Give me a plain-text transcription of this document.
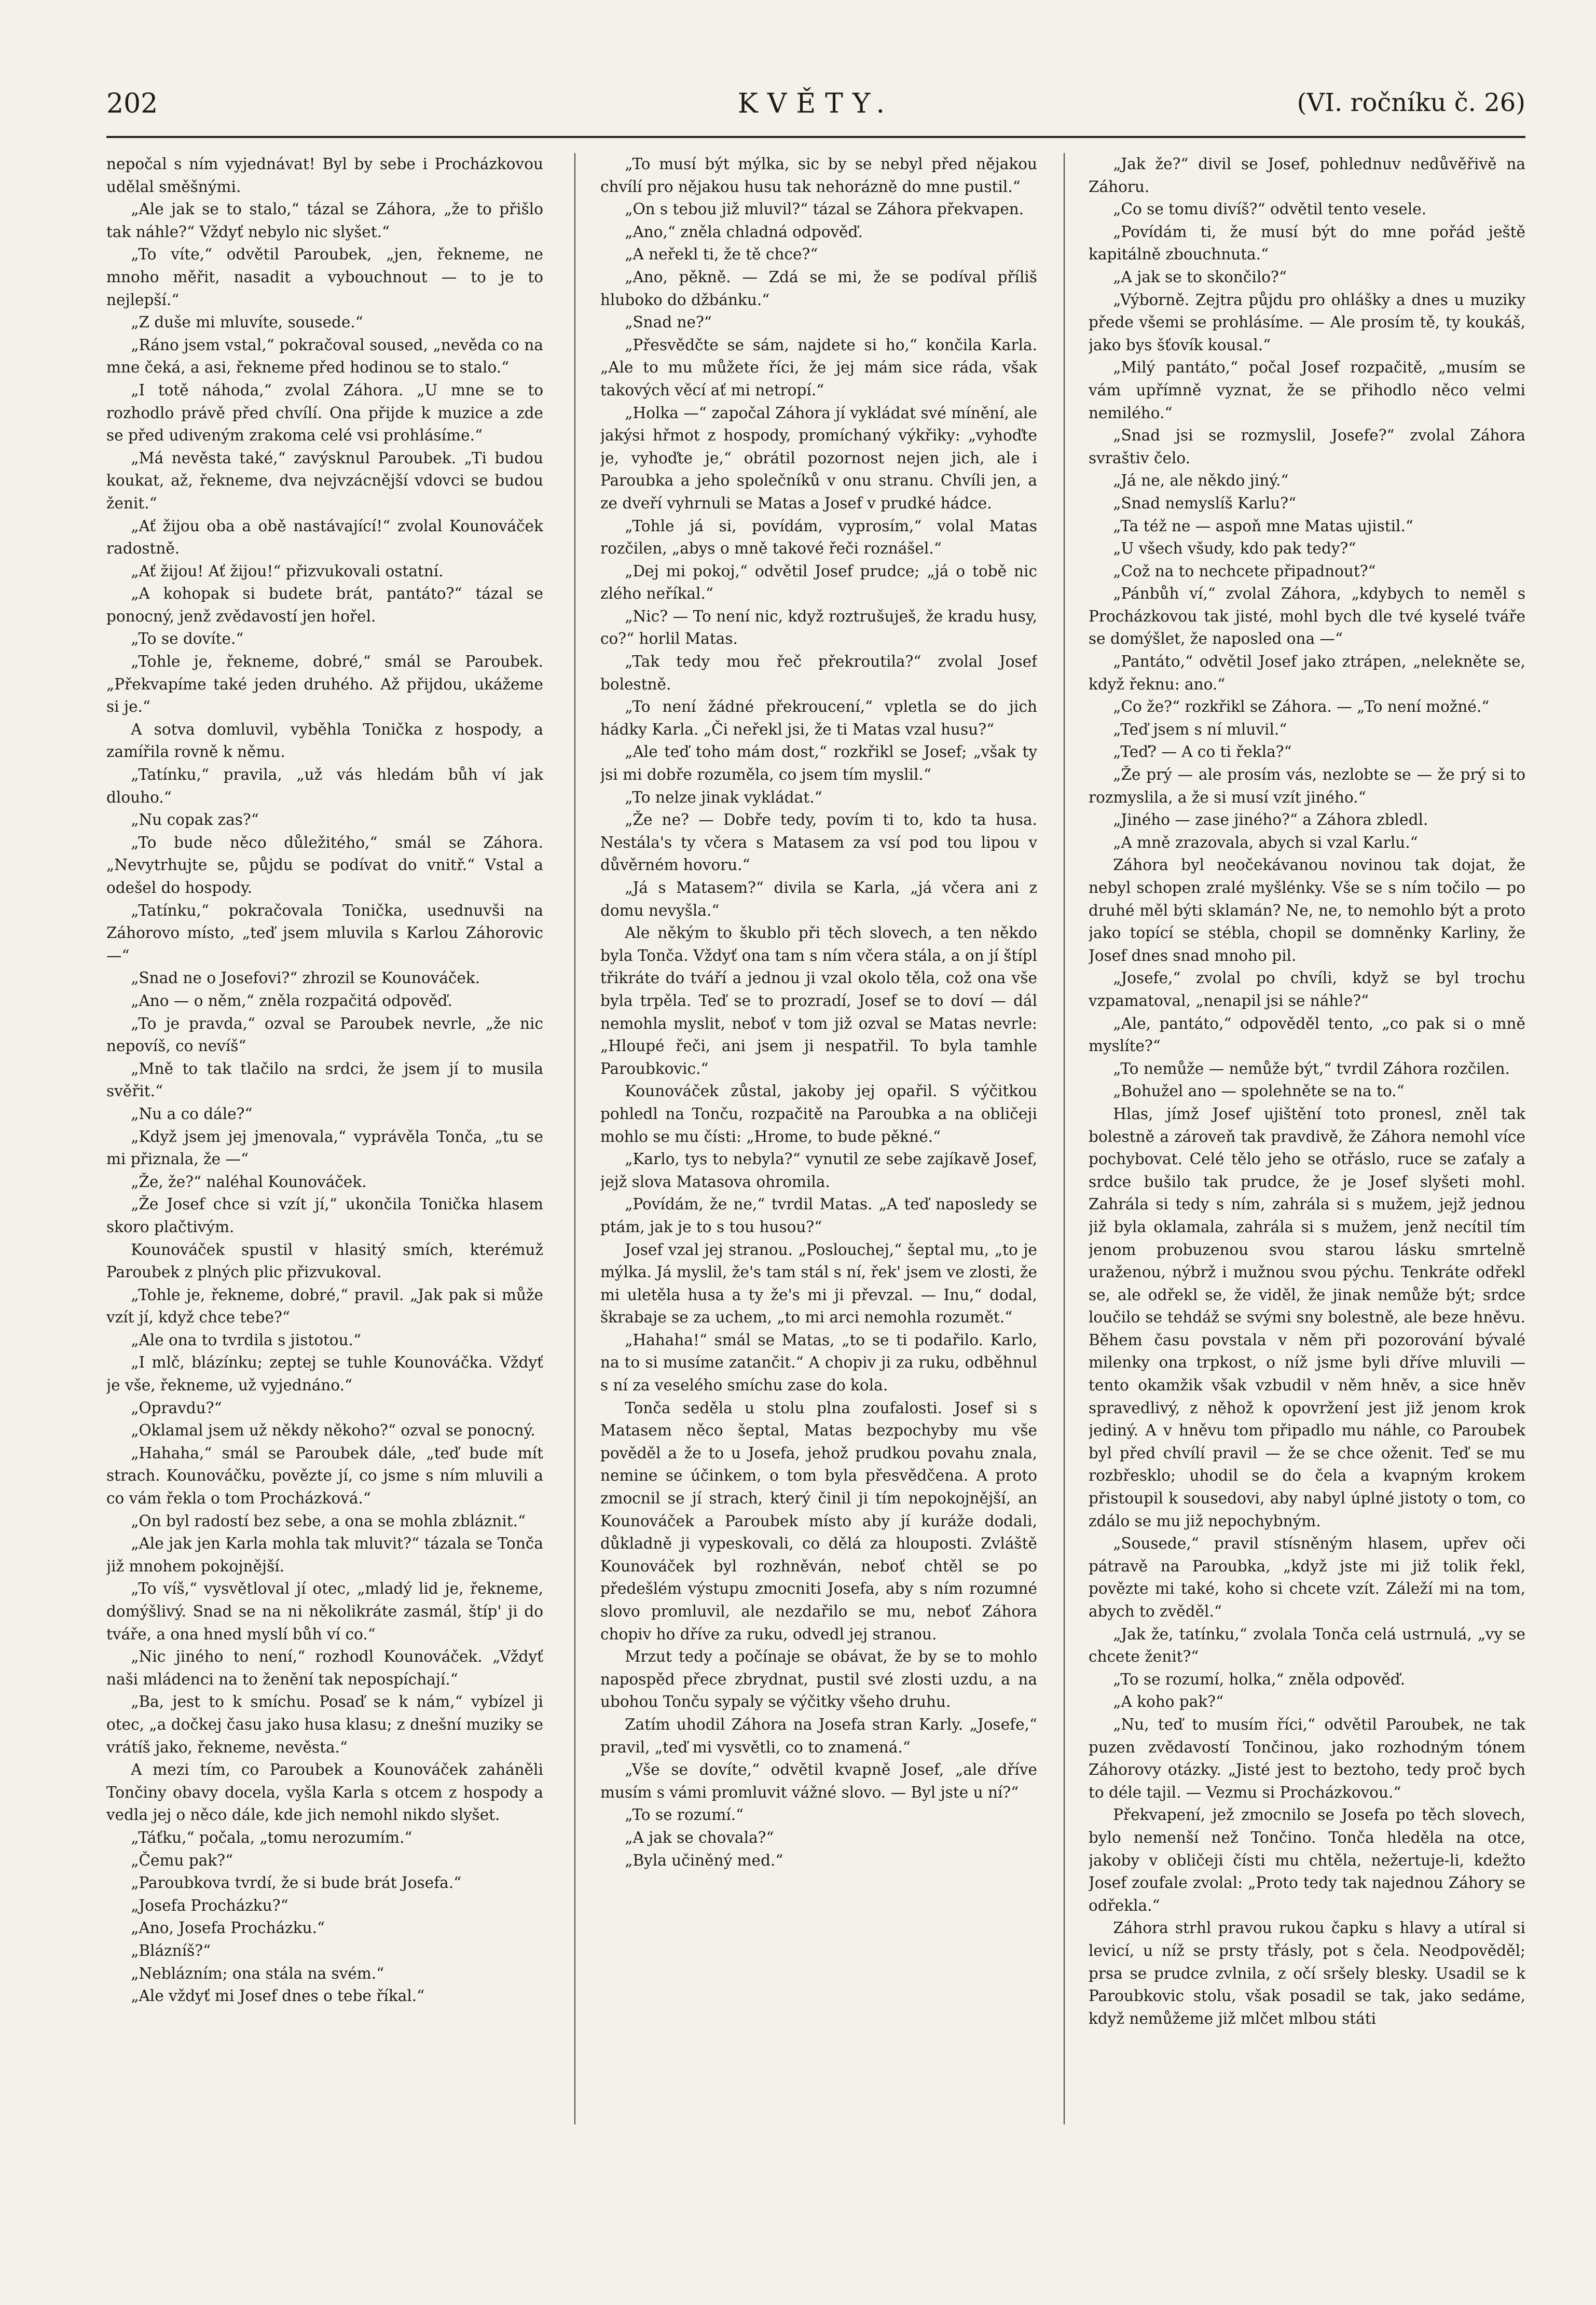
202	KVĚTY.	(VI. ročníku č. 26)

nepočal s ním vyjednávat! Byl by sebe i Procházkovou udělal směšnými.

„Ale jak se to stalo,“ tázal se Záhora, „že to přišlo tak náhle?“ Vždyť nebylo nic slyšet.“

„To víte,“ odvětil Paroubek, „jen, řekneme, ne mnoho měřit, nasadit a vybouchnout — to je to nejlepší.“

„Z duše mi mluvíte, sousede.“

„Ráno jsem vstal,“ pokračoval soused, „nevěda co na mne čeká, a asi, řekneme před hodinou se to stalo.“

„I totě náhoda,“ zvolal Záhora. „U mne se to rozhodlo právě před chvílí. Ona přijde k muzice a zde se před udiveným zrakoma celé vsi prohlásíme.“

„Má nevěsta také,“ zavýsknul Paroubek. „Ti budou koukat, až, řekneme, dva nejvzácnější vdovci se budou ženit.“

„Ať žijou oba a obě nastávající!“ zvolal Kounováček radostně.

„Ať žijou! Ať žijou!“ přizvukovali ostatní.

„A kohopak si budete brát, pantáto?“ tázal se ponocný, jenž zvědavostí jen hořel.

„To se dovíte.“

„Tohle je, řekneme, dobré,“ smál se Paroubek. „Překvapíme také jeden druhého. Až přijdou, ukážeme si je.“

A sotva domluvil, vyběhla Tonička z hospody, a zamířila rovně k němu.

„Tatínku,“ pravila, „už vás hledám bůh ví jak dlouho.“

„Nu copak zas?“

„To bude něco důležitého,“ smál se Záhora. „Nevytrhujte se, půjdu se podívat do vnitř.“ Vstal a odešel do hospody.

„Tatínku,“ pokračovala Tonička, usednuvši na Záhorovo místo, „teď jsem mluvila s Karlou Záhorovic —“

„Snad ne o Josefovi?“ zhrozil se Kounováček.

„Ano — o něm,“ zněla rozpačitá odpověď.

„To je pravda,“ ozval se Paroubek nevrle, „že nic nepovíš, co nevíš“

„Mně to tak tlačilo na srdci, že jsem jí to musila svěřit.“

„Nu a co dále?“

„Když jsem jej jmenovala,“ vyprávěla Tonča, „tu se mi přiznala, že —“

„Že, že?“ naléhal Kounováček.

„Že Josef chce si vzít jí,“ ukončila Tonička hlasem skoro plačtivým.

Kounováček spustil v hlasitý smích, kterémuž Paroubek z plných plic přizvukoval.

„Tohle je, řekneme, dobré,“ pravil. „Jak pak si může vzít jí, když chce tebe?“

„Ale ona to tvrdila s jistotou.“

„I mlč, blázínku; zeptej se tuhle Kounováčka. Vždyť je vše, řekneme, už vyjednáno.“

„Opravdu?“

„Oklamal jsem už někdy někoho?“ ozval se ponocný.

„Hahaha,“ smál se Paroubek dále, „teď bude mít strach. Kounováčku, povězte jí, co jsme s ním mluvili a co vám řekla o tom Procházková.“

„On byl radostí bez sebe, a ona se mohla zbláznit.“

„Ale jak jen Karla mohla tak mluvit?“ tázala se Tonča již mnohem pokojnější.

„To víš,“ vysvětloval jí otec, „mladý lid je, řekneme, domýšlivý. Snad se na ni několikráte zasmál, štíp' ji do tváře, a ona hned myslí bůh ví co.“

„Nic jiného to není,“ rozhodl Kounováček. „Vždyť naši mládenci na to ženění tak nepospíchají.“

„Ba, jest to k smíchu. Posaď se k nám,“ vybízel ji otec, „a dočkej času jako husa klasu; z dnešní muziky se vrátíš jako, řekneme, nevěsta.“

A mezi tím, co Paroubek a Kounováček zaháněli Tončiny obavy docela, vyšla Karla s otcem z hospody a vedla jej o něco dále, kde jich nemohl nikdo slyšet.

„Táťku,“ počala, „tomu nerozumím.“

„Čemu pak?“

„Paroubkova tvrdí, že si bude brát Josefa.“

„Josefa Procházku?“

„Ano, Josefa Procházku.“

„Blázníš?“

„Neblázním; ona stála na svém.“

„Ale vždyť mi Josef dnes o tebe říkal.“

„To musí být mýlka, sic by se nebyl před nějakou chvílí pro nějakou husu tak nehorázně do mne pustil.“

„On s tebou již mluvil?“ tázal se Záhora překvapen.

„Ano,“ zněla chladná odpověď.

„A neřekl ti, že tě chce?“

„Ano, pěkně. — Zdá se mi, že se podíval příliš hluboko do džbánku.“

„Snad ne?“

„Přesvědčte se sám, najdete si ho,“ končila Karla. „Ale to mu můžete říci, že jej mám sice ráda, však takových věcí ať mi netropí.“

„Holka —“ započal Záhora jí vykládat své mínění, ale jakýsi hřmot z hospody, promíchaný výkřiky: „vyhoďte je, vyhoďte je,“ obrátil pozornost nejen jich, ale i Paroubka a jeho společníků v onu stranu. Chvíli jen, a ze dveří vyhrnuli se Matas a Josef v prudké hádce.

„Tohle já si, povídám, vyprosím,“ volal Matas rozčilen, „abys o mně takové řeči roznášel.“

„Dej mi pokoj,“ odvětil Josef prudce; „já o tobě nic zlého neříkal.“

„Nic? — To není nic, když roztrušuješ, že kradu husy, co?“ horlil Matas.

„Tak tedy mou řeč překroutila?“ zvolal Josef bolestně.

„To není žádné překroucení,“ vpletla se do jich hádky Karla. „Či neřekl jsi, že ti Matas vzal husu?“

„Ale teď toho mám dost,“ rozkřikl se Josef; „však ty jsi mi dobře rozuměla, co jsem tím myslil.“

„To nelze jinak vykládat.“

„Že ne? — Dobře tedy, povím ti to, kdo ta husa. Nestála's ty včera s Matasem za vsí pod tou lipou v důvěrném hovoru.“

„Já s Matasem?“ divila se Karla, „já včera ani z domu nevyšla.“

Ale někým to škublo při těch slovech, a ten někdo byla Tonča. Vždyť ona tam s ním včera stála, a on jí štípl třikráte do tváří a jednou ji vzal okolo těla, což ona vše byla trpěla. Teď se to prozradí, Josef se to doví — dál nemohla myslit, neboť v tom již ozval se Matas nevrle: „Hloupé řeči, ani jsem ji nespatřil. To byla tamhle Paroubkovic.“

Kounováček zůstal, jakoby jej opařil. S výčitkou pohledl na Tonču, rozpačitě na Paroubka a na obličeji mohlo se mu čísti: „Hrome, to bude pěkné.“

„Karlo, tys to nebyla?“ vynutil ze sebe zajíkavě Josef, jejž slova Matasova ohromila.

„Povídám, že ne,“ tvrdil Matas. „A teď naposledy se ptám, jak je to s tou husou?“

Josef vzal jej stranou. „Poslouchej,“ šeptal mu, „to je mýlka. Já myslil, že's tam stál s ní, řek' jsem ve zlosti, že mi uletěla husa a ty že's mi ji převzal. — Inu,“ dodal, škrabaje se za uchem, „to mi arci nemohla rozumět.“

„Hahaha!“ smál se Matas, „to se ti podařilo. Karlo, na to si musíme zatančit.“ A chopiv ji za ruku, odběhnul s ní za veselého smíchu zase do kola.

Tonča seděla u stolu plna zoufalosti. Josef si s Matasem něco šeptal, Matas bezpochyby mu vše pověděl a že to u Josefa, jehož prudkou povahu znala, nemine se účinkem, o tom byla přesvědčena. A proto zmocnil se jí strach, který činil ji tím nepokojnější, an Kounováček a Paroubek místo aby jí kuráže dodali, důkladně ji vypeskovali, co dělá za hlouposti. Zvláště Kounováček byl rozhněván, neboť chtěl se po předešlém výstupu zmocniti Josefa, aby s ním rozumné slovo promluvil, ale nezdařilo se mu, neboť Záhora chopiv ho dříve za ruku, odvedl jej stranou.

Mrzut tedy a počínaje se obávat, že by se to mohlo napospěd přece zbrydnat, pustil své zlosti uzdu, a na ubohou Tonču sypaly se výčitky všeho druhu.

Zatím uhodil Záhora na Josefa stran Karly. „Josefe,“ pravil, „teď mi vysvětli, co to znamená.“

„Vše se dovíte,“ odvětil kvapně Josef, „ale dříve musím s vámi promluvit vážné slovo. — Byl jste u ní?“

„To se rozumí.“

„A jak se chovala?“

„Byla učiněný med.“

„Jak že?“ divil se Josef, pohlednuv nedůvěřivě na Záhoru.

„Co se tomu divíš?“ odvětil tento vesele.

„Povídám ti, že musí být do mne pořád ještě kapitálně zbouchnuta.“

„A jak se to skončilo?“

„Výborně. Zejtra půjdu pro ohlášky a dnes u muziky přede všemi se prohlásíme. — Ale prosím tě, ty koukáš, jako bys šťovík kousal.“

„Milý pantáto,“ počal Josef rozpačitě, „musím se vám upřímně vyznat, že se přihodlo něco velmi nemilého.“

„Snad jsi se rozmyslil, Josefe?“ zvolal Záhora svraštiv čelo.

„Já ne, ale někdo jiný.“

„Snad nemyslíš Karlu?“

„Ta též ne — aspoň mne Matas ujistil.“

„U všech všudy, kdo pak tedy?“

„Což na to nechcete připadnout?“

„Pánbůh ví,“ zvolal Záhora, „kdybych to neměl s Procházkovou tak jisté, mohl bych dle tvé kyselé tváře se domýšlet, že naposled ona —“

„Pantáto,“ odvětil Josef jako ztrápen, „nelekněte se, když řeknu: ano.“

„Co že?“ rozkřikl se Záhora. — „To není možné.“

„Teď jsem s ní mluvil.“

„Teď? — A co ti řekla?“

„Že prý — ale prosím vás, nezlobte se — že prý si to rozmyslila, a že si musí vzít jiného.“

„Jiného — zase jiného?“ a Záhora zbledl.

„A mně zrazovala, abych si vzal Karlu.“

Záhora byl neočekávanou novinou tak dojat, že nebyl schopen zralé myšlénky. Vše se s ním točilo — po druhé měl býti sklamán? Ne, ne, to nemohlo být a proto jako topící se stébla, chopil se domněnky Karliny, že Josef dnes snad mnoho pil.

„Josefe,“ zvolal po chvíli, když se byl trochu vzpamatoval, „nenapil jsi se náhle?“

„Ale, pantáto,“ odpověděl tento, „co pak si o mně myslíte?“

„To nemůže — nemůže být,“ tvrdil Záhora rozčilen.

„Bohužel ano — spolehněte se na to.“

Hlas, jímž Josef ujištění toto pronesl, zněl tak bolestně a zároveň tak pravdivě, že Záhora nemohl více pochybovat. Celé tělo jeho se otřáslo, ruce se zaťaly a srdce bušilo tak prudce, že je Josef slyšeti mohl. Zahrála si tedy s ním, zahrála si s mužem, jejž jednou již byla oklamala, zahrála si s mužem, jenž necítil tím jenom probuzenou svou starou lásku smrtelně uraženou, nýbrž i mužnou svou pýchu. Tenkráte odřekl se, ale odřekl se, že viděl, že jinak nemůže být; srdce loučilo se tehdáž se svými sny bolestně, ale beze hněvu. Během času povstala v něm při pozorování bývalé milenky ona trpkost, o níž jsme byli dříve mluvili — tento okamžik však vzbudil v něm hněv, a sice hněv spravedlivý, z něhož k opovržení jest již jenom krok jediný. A v hněvu tom připadlo mu náhle, co Paroubek byl před chvílí pravil — že se chce oženit. Teď se mu rozbřesklo; uhodil se do čela a kvapným krokem přistoupil k sousedovi, aby nabyl úplné jistoty o tom, co zdálo se mu již nepochybným.

„Sousede,“ pravil stísněným hlasem, upřev oči pátravě na Paroubka, „když jste mi již tolik řekl, povězte mi také, koho si chcete vzít. Záleží mi na tom, abych to zvěděl.“

„Jak že, tatínku,“ zvolala Tonča celá ustrnulá, „vy se chcete ženit?“

„To se rozumí, holka,“ zněla odpověď.

„A koho pak?“

„Nu, teď to musím říci,“ odvětil Paroubek, ne tak puzen zvědavostí Tončinou, jako rozhodným tónem Záhorovy otázky. „Jisté jest to beztoho, tedy proč bych to déle tajil. — Vezmu si Procházkovou.“

Překvapení, jež zmocnilo se Josefa po těch slovech, bylo nemenší než Tončino. Tonča hleděla na otce, jakoby v obličeji čísti mu chtěla, nežertuje-li, kdežto Josef zoufale zvolal: „Proto tedy tak najednou Záhory se odřekla.“

Záhora strhl pravou rukou čapku s hlavy a utíral si levicí, u níž se prsty třásly, pot s čela. Neodpověděl; prsa se prudce zvlnila, z očí sršely blesky. Usadil se k Paroubkovic stolu, však posadil se tak, jako sedáme, když nemůžeme již mlčet mlbou státi
